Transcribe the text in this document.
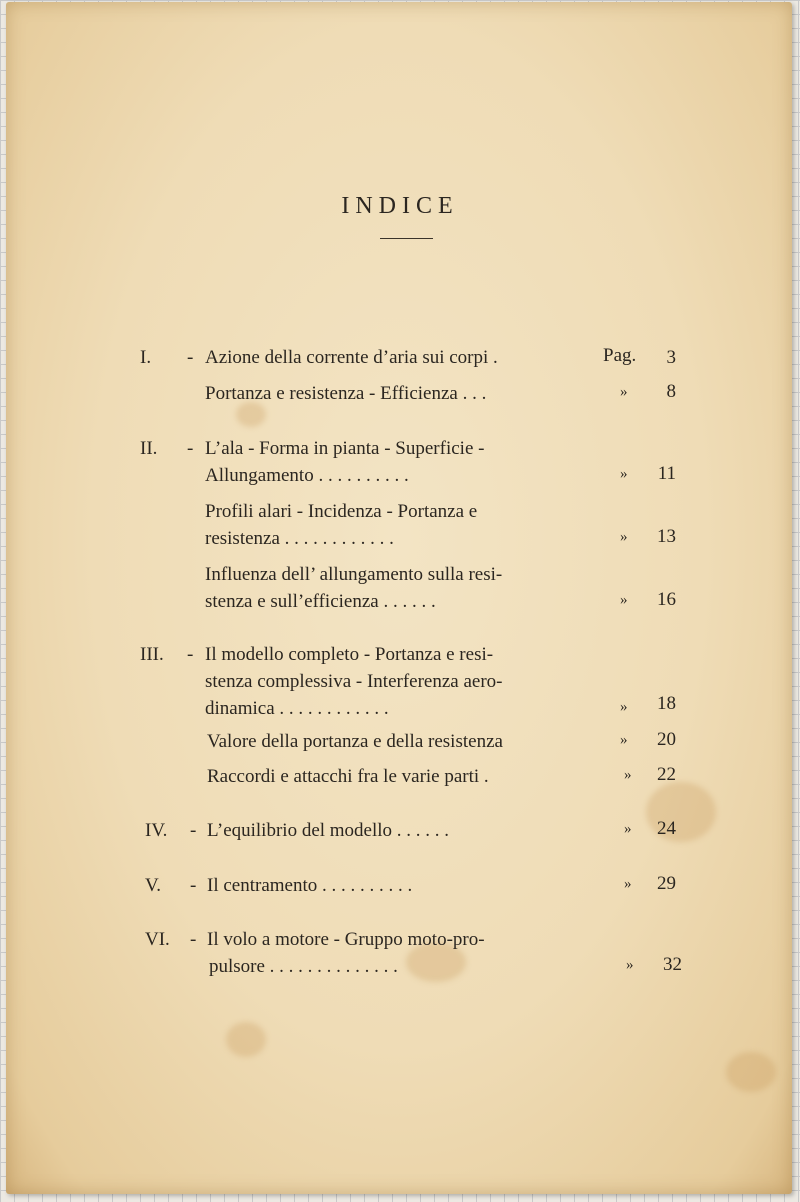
INDICE
I. - Azione della corrente d’aria sui corpi .	Pag.	3
Portanza e resistenza - Efficienza . . .	»	8
II. - L’ala - Forma in pianta - Superficie -
Allungamento . . . . . . . . . .	»	11
Profili alari - Incidenza - Portanza e
resistenza . . . . . . . . . . . .	»	13
Influenza dell’ allungamento sulla resi-
stenza e sull’efficienza . . . . . .	»	16
III. - Il modello completo - Portanza e resi-
stenza complessiva - Interferenza aero-
dinamica . . . . . . . . . . . .	»	18
Valore della portanza e della resistenza	»	20
Raccordi e attacchi fra le varie parti .	»	22
IV. - L’equilibrio del modello . . . . . .	»	24
V. - Il centramento . . . . . . . . . .	»	29
VI. - Il volo a motore - Gruppo moto-pro-
pulsore . . . . . . . . . . . . . .	»	32
